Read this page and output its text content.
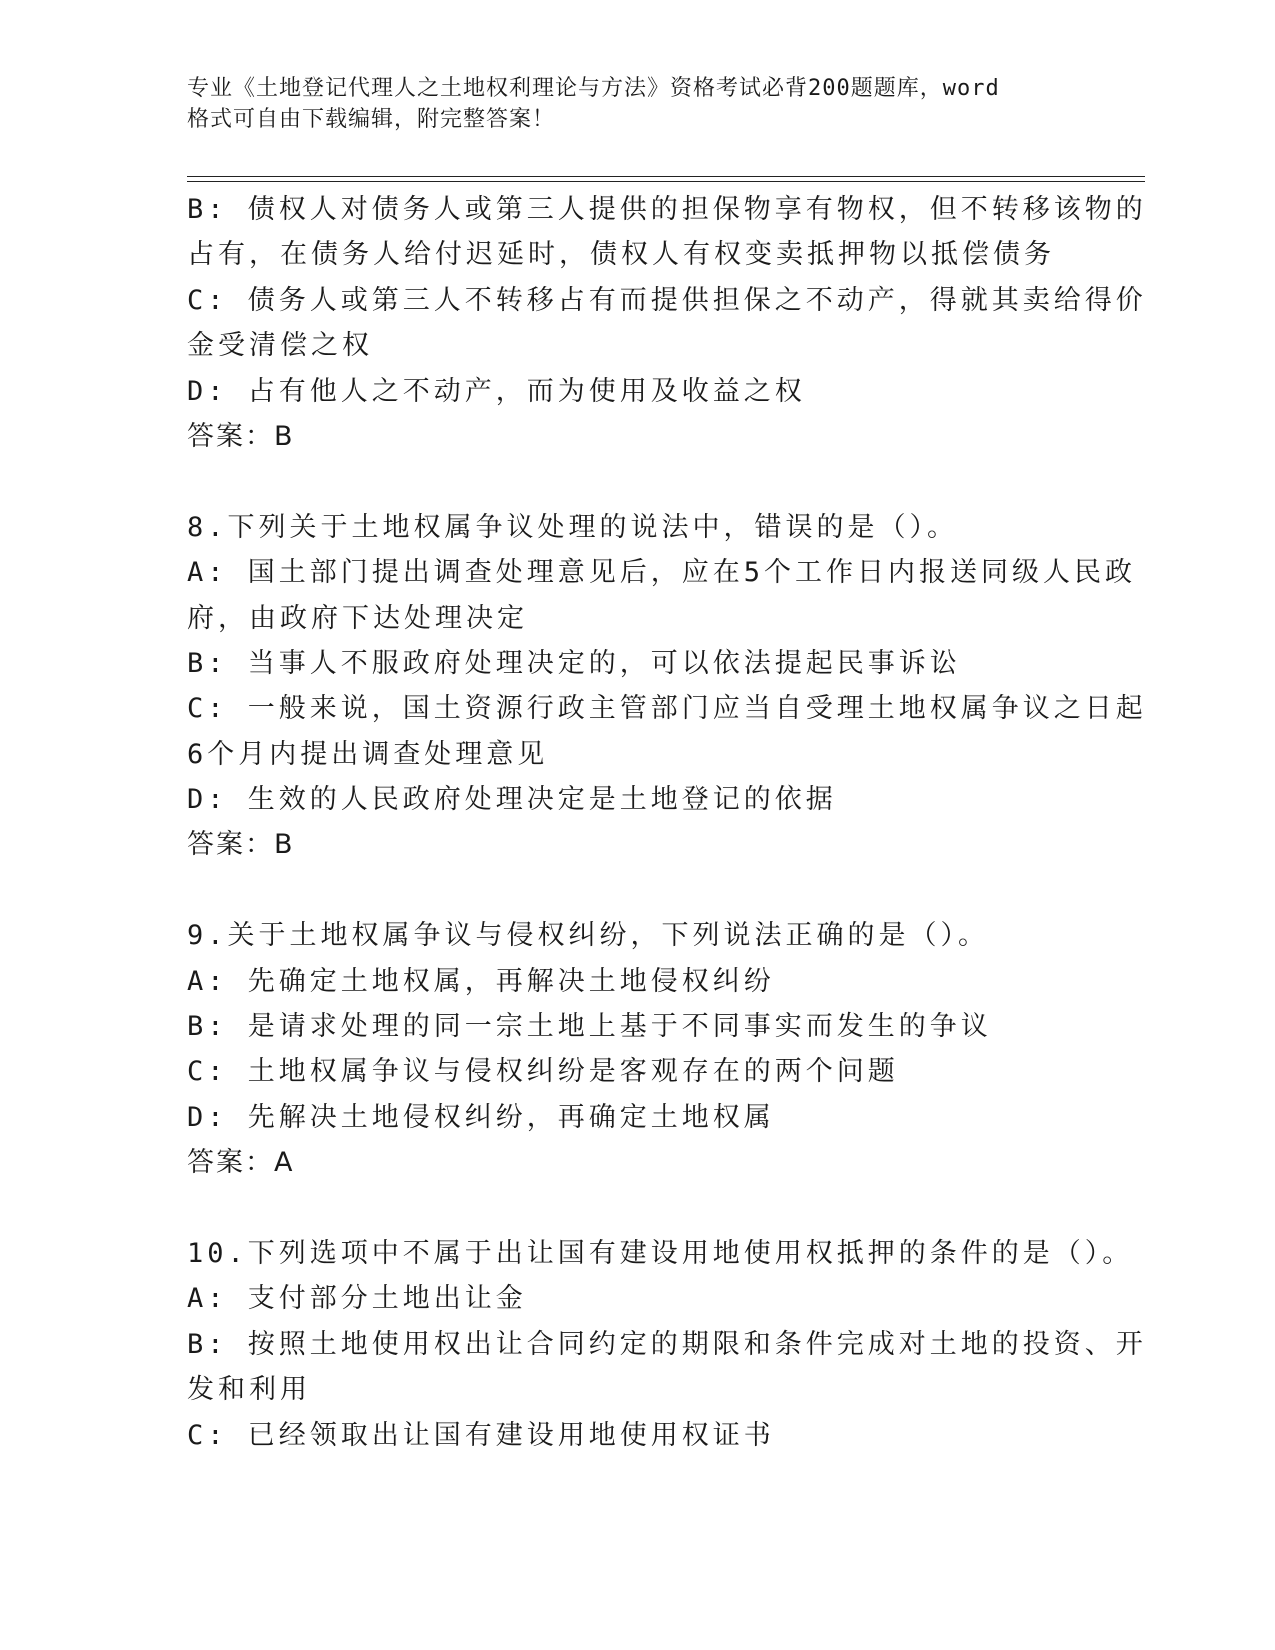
专业《土地登记代理人之土地权利理论与方法》资格考试必背200题题库，word
格式可自由下载编辑，附完整答案！
B: 债权人对债务人或第三人提供的担保物享有物权，但不转移该物的
占有，在债务人给付迟延时，债权人有权变卖抵押物以抵偿债务
C: 债务人或第三人不转移占有而提供担保之不动产，得就其卖给得价
金受清偿之权
D: 占有他人之不动产，而为使用及收益之权
答案：B
8.下列关于土地权属争议处理的说法中，错误的是（）。
A: 国土部门提出调查处理意见后，应在5个工作日内报送同级人民政
府，由政府下达处理决定
B: 当事人不服政府处理决定的，可以依法提起民事诉讼
C: 一般来说，国土资源行政主管部门应当自受理土地权属争议之日起
6个月内提出调查处理意见
D: 生效的人民政府处理决定是土地登记的依据
答案：B
9.关于土地权属争议与侵权纠纷，下列说法正确的是（）。
A: 先确定土地权属，再解决土地侵权纠纷
B: 是请求处理的同一宗土地上基于不同事实而发生的争议
C: 土地权属争议与侵权纠纷是客观存在的两个问题
D: 先解决土地侵权纠纷，再确定土地权属
答案：A
10.下列选项中不属于出让国有建设用地使用权抵押的条件的是（）。
A: 支付部分土地出让金
B: 按照土地使用权出让合同约定的期限和条件完成对土地的投资、开
发和利用
C: 已经领取出让国有建设用地使用权证书
